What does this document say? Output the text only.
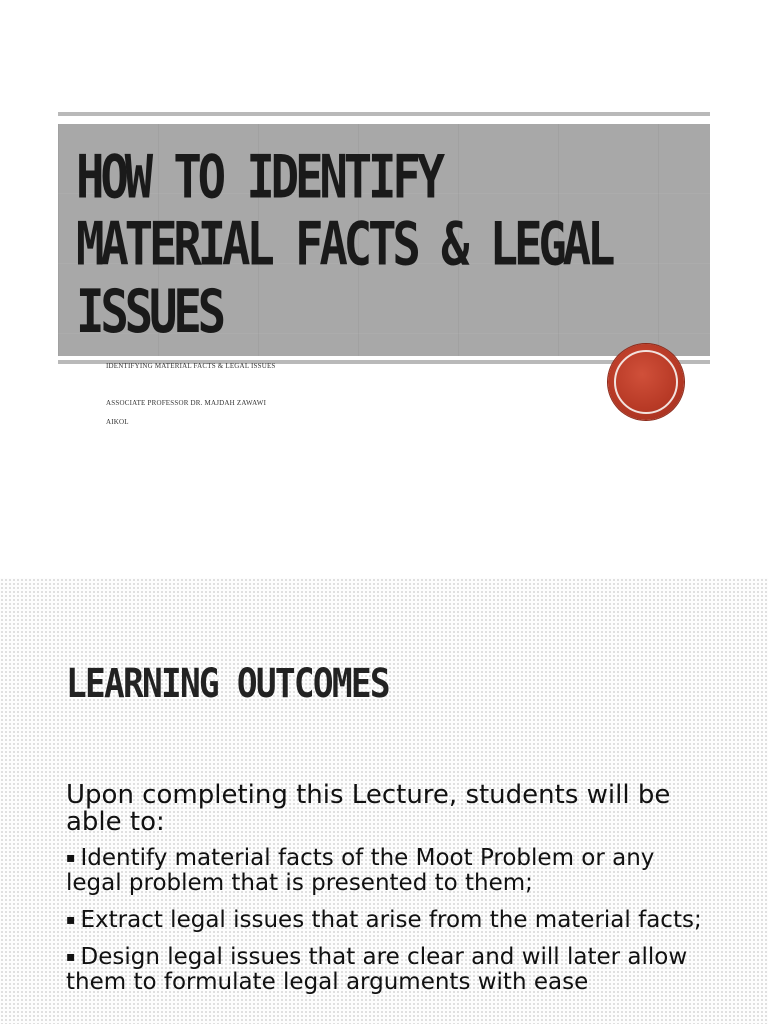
HOW TO IDENTIFY
MATERIAL FACTS & LEGAL
ISSUES

IDENTIFYING MATERIAL FACTS & LEGAL ISSUES

ASSOCIATE PROFESSOR DR. MAJDAH ZAWAWI

AIKOL

LEARNING OUTCOMES

Upon completing this Lecture, students will be able to:

▪ Identify material facts of the Moot Problem or any legal problem that is presented to them;

▪ Extract legal issues that arise from the material facts;

▪ Design legal issues that are clear and will later allow them to formulate legal arguments with ease
